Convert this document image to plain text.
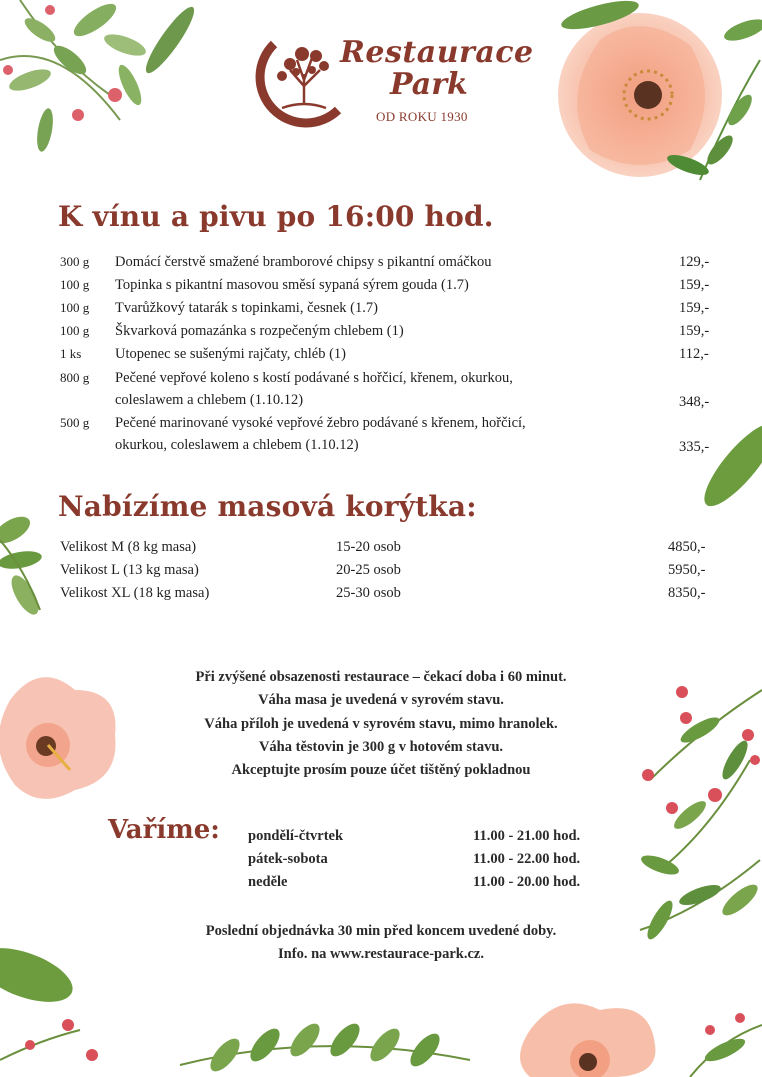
Restaurace
Park
OD ROKU 1930
K vínu a pivu po 16:00 hod.
300 g	Domácí čerstvě smažené bramborové chipsy s pikantní omáčkou	129,-
100 g	Topinka s pikantní masovou směsí sypaná sýrem gouda (1.7)	159,-
100 g	Tvarůžkový tatarák s topinkami, česnek (1.7)	159,-
100 g	Škvarková pomazánka s rozpečeným chlebem (1)	159,-
1 ks	Utopenec se sušenými rajčaty, chléb (1)	112,-
800 g	Pečené vepřové koleno s kostí podávané s hořčicí, křenem, okurkou,
coleslawem a chlebem (1.10.12)	348,-
500 g	Pečené marinované vysoké vepřové žebro podávané s křenem, hořčicí,
okurkou, coleslawem a chlebem (1.10.12)	335,-
Nabízíme masová korýtka:
Velikost M (8 kg masa)	15-20 osob	4850,-
Velikost L (13 kg masa)	20-25 osob	5950,-
Velikost XL (18 kg masa)	25-30 osob	8350,-
Při zvýšené obsazenosti restaurace – čekací doba i 60 minut.
Váha masa je uvedená v syrovém stavu.
Váha příloh je uvedená v syrovém stavu, mimo hranolek.
Váha těstovin je 300 g v hotovém stavu.
Akceptujte prosím pouze účet tištěný pokladnou
Vaříme: pondělí-čtvrtek	11.00 - 21.00 hod.
pátek-sobota	11.00 - 22.00 hod.
neděle	11.00 - 20.00 hod.
Poslední objednávka 30 min před koncem uvedené doby.
Info. na www.restaurace-park.cz.
